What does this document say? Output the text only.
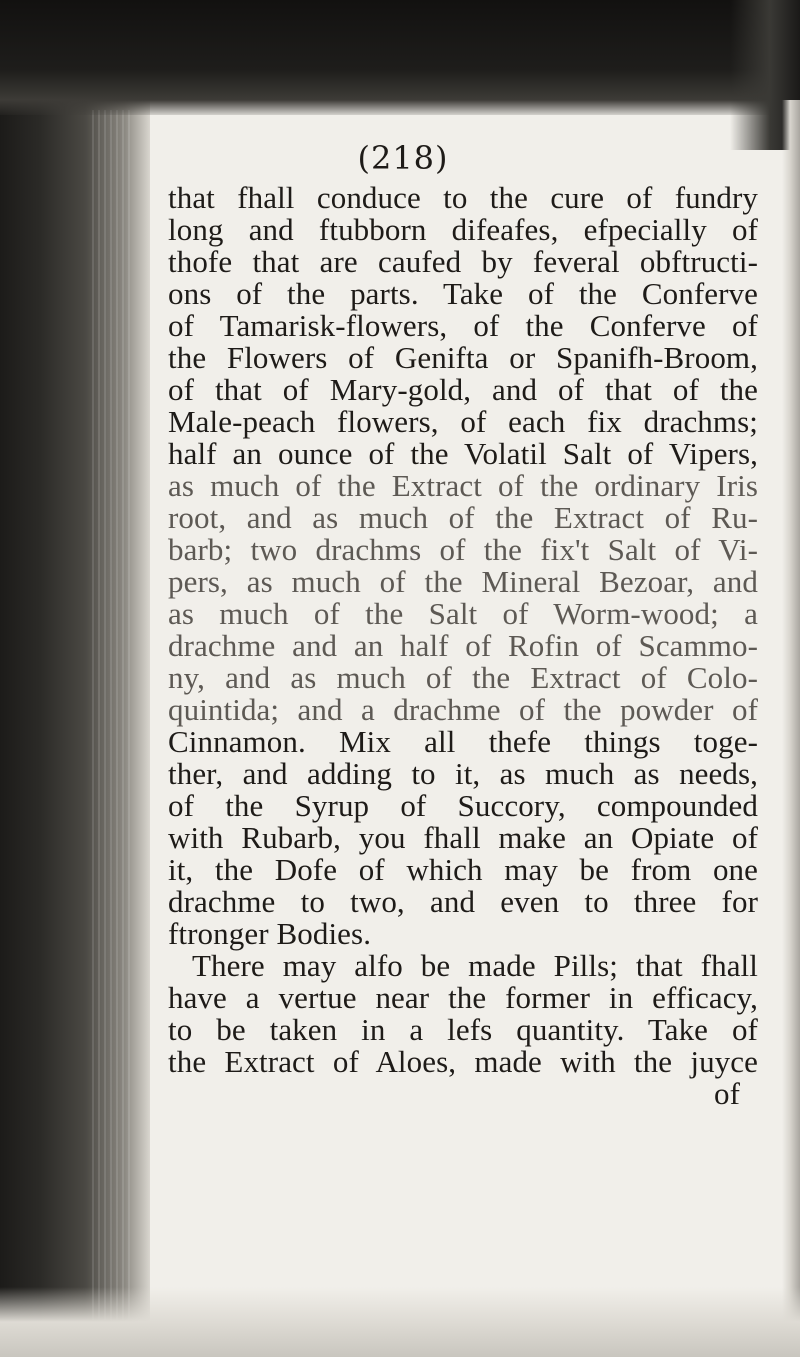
(218)
that fhall conduce to the cure of fundry
long and ftubborn difeafes, efpecially of
thofe that are caufed by feveral obftructi-
ons of the parts. Take of the Conferve
of Tamarisk-flowers, of the Conferve of
the Flowers of Genifta or Spanifh-Broom,
of that of Mary-gold, and of that of the
Male-peach flowers, of each fix drachms;
half an ounce of the Volatil Salt of Vipers,
as much of the Extract of the ordinary Iris
root, and as much of the Extract of Ru-
barb; two drachms of the fix't Salt of Vi-
pers, as much of the Mineral Bezoar, and
as much of the Salt of Worm-wood; a
drachme and an half of Rofin of Scammo-
ny, and as much of the Extract of Colo-
quintida; and a drachme of the powder of
Cinnamon. Mix all thefe things toge-
ther, and adding to it, as much as needs,
of the Syrup of Succory, compounded
with Rubarb, you fhall make an Opiate of
it, the Dofe of which may be from one
drachme to two, and even to three for
ftronger Bodies.
There may alfo be made Pills; that fhall
have a vertue near the former in efficacy,
to be taken in a lefs quantity. Take of
the Extract of Aloes, made with the juyce
of
